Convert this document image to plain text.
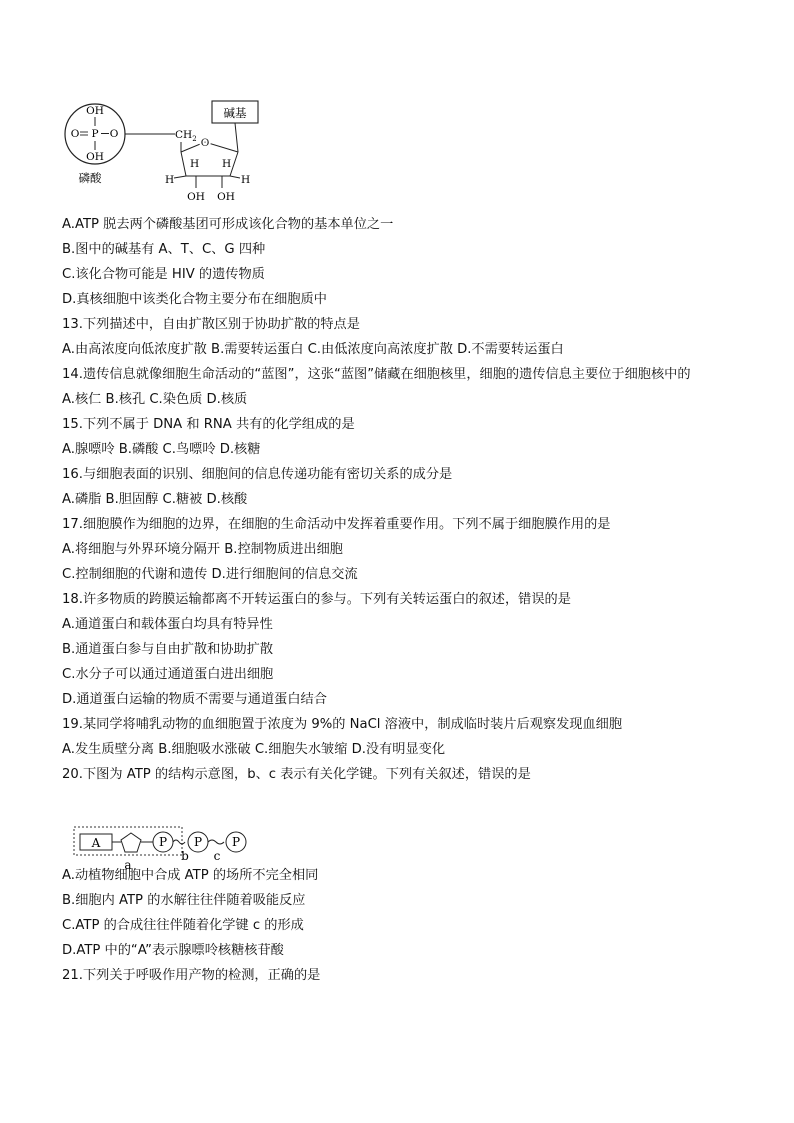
OH
O P O
OH
磷酸
$CH_2$
碱基
O
H H
H	H
OH OH
A.ATP 脱去两个磷酸基团可形成该化合物的基本单位之一
B.图中的碱基有 A、T、C、G 四种
C.该化合物可能是 HIV 的遗传物质
D.真核细胞中该类化合物主要分布在细胞质中
13.下列描述中，自由扩散区别于协助扩散的特点是
A.由高浓度向低浓度扩散 B.需要转运蛋白 C.由低浓度向高浓度扩散 D.不需要转运蛋白
14.遗传信息就像细胞生命活动的“蓝图”，这张“蓝图”储藏在细胞核里，细胞的遗传信息主要位于细胞核中的
A.核仁 B.核孔 C.染色质 D.核质
15.下列不属于 DNA 和 RNA 共有的化学组成的是
A.腺嘌呤 B.磷酸 C.鸟嘌呤 D.核糖
16.与细胞表面的识别、细胞间的信息传递功能有密切关系的成分是
A.磷脂 B.胆固醇 C.糖被 D.核酸
17.细胞膜作为细胞的边界，在细胞的生命活动中发挥着重要作用。下列不属于细胞膜作用的是
A.将细胞与外界环境分隔开 B.控制物质进出细胞
C.控制细胞的代谢和遗传 D.进行细胞间的信息交流
18.许多物质的跨膜运输都离不开转运蛋白的参与。下列有关转运蛋白的叙述，错误的是
A.通道蛋白和载体蛋白均具有特异性
B.通道蛋白参与自由扩散和协助扩散
C.水分子可以通过通道蛋白进出细胞
D.通道蛋白运输的物质不需要与通道蛋白结合
19.某同学将哺乳动物的血细胞置于浓度为 9%的 NaCl 溶液中，制成临时装片后观察发现血细胞
A.发生质壁分离 B.细胞吸水涨破 C.细胞失水皱缩 D.没有明显变化
20.下图为 ATP 的结构示意图，b、c 表示有关化学键。下列有关叙述，错误的是
A.动植物细胞中合成 ATP 的场所不完全相同
B.细胞内 ATP 的水解往往伴随着吸能反应
C.ATP 的合成往往伴随着化学键 c 的形成
D.ATP 中的“A”表示腺嘌呤核糖核苷酸
21.下列关于呼吸作用产物的检测，正确的是
A	P P P
a
b c
